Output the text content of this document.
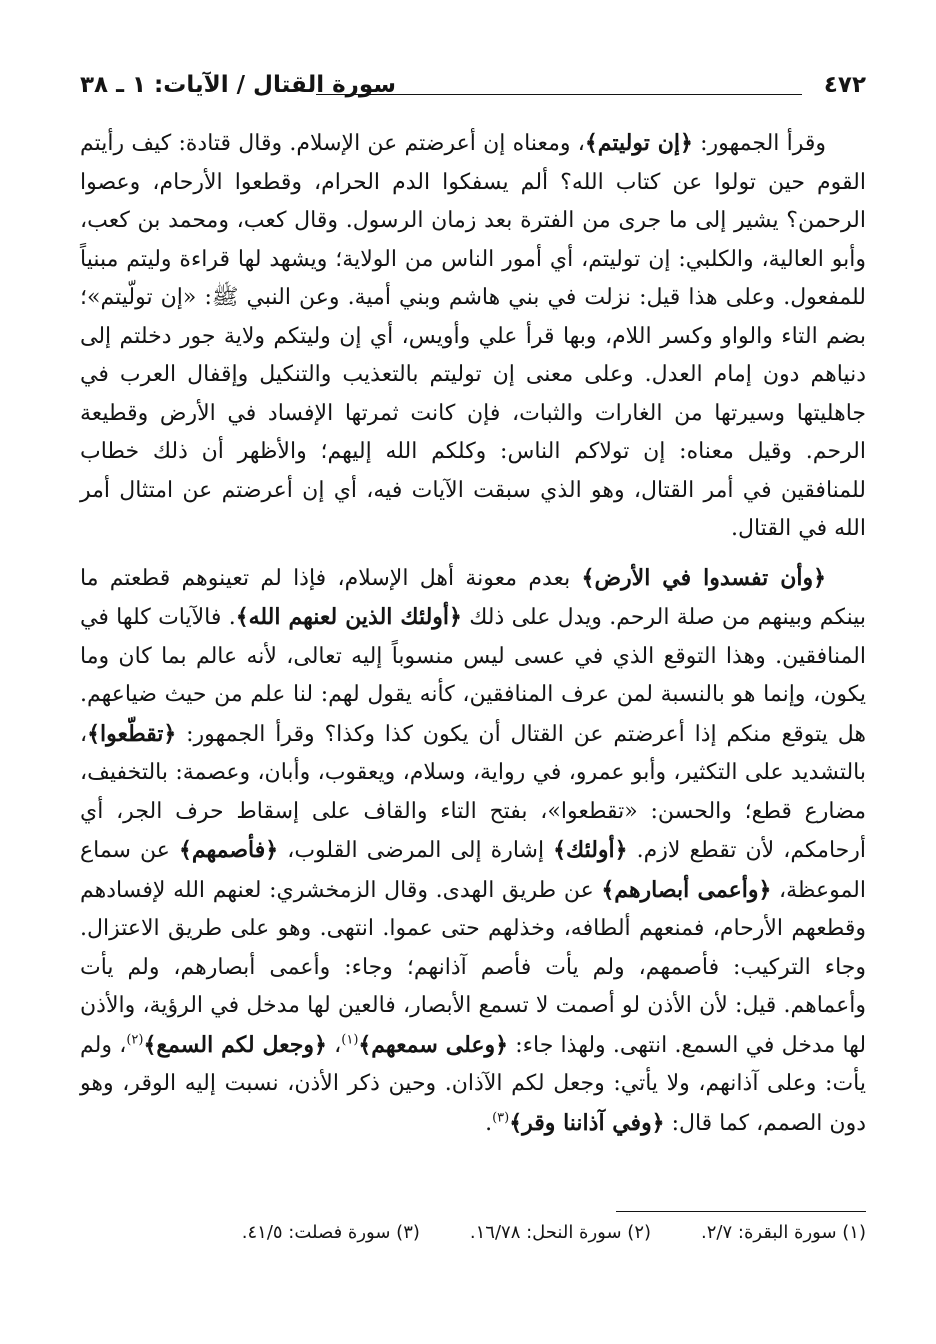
٤٧٢
سورة القتال / الآيات: ١ ـ ٣٨

وقرأ الجمهور: ﴿إن توليتم﴾، ومعناه إن أعرضتم عن الإسلام. وقال قتادة: كيف رأيتم القوم حين تولوا عن كتاب الله؟ ألم يسفكوا الدم الحرام، وقطعوا الأرحام، وعصوا الرحمن؟ يشير إلى ما جرى من الفترة بعد زمان الرسول. وقال كعب، ومحمد بن كعب، وأبو العالية، والكلبي: إن توليتم، أي أمور الناس من الولاية؛ ويشهد لها قراءة وليتم مبنياً للمفعول. وعلى هذا قيل: نزلت في بني هاشم وبني أمية. وعن النبي ﷺ: «إن تولّيتم»؛ بضم التاء والواو وكسر اللام، وبها قرأ علي وأويس، أي إن وليتكم ولاية جور دخلتم إلى دنياهم دون إمام العدل. وعلى معنى إن توليتم بالتعذيب والتنكيل وإقفال العرب في جاهليتها وسيرتها من الغارات والثبات، فإن كانت ثمرتها الإفساد في الأرض وقطيعة الرحم. وقيل معناه: إن تولاكم الناس: وكلكم الله إليهم؛ والأظهر أن ذلك خطاب للمنافقين في أمر القتال، وهو الذي سبقت الآيات فيه، أي إن أعرضتم عن امتثال أمر الله في القتال.

﴿وأن تفسدوا في الأرض﴾ بعدم معونة أهل الإسلام، فإذا لم تعينوهم قطعتم ما بينكم وبينهم من صلة الرحم. ويدل على ذلك ﴿أولئك الذين لعنهم الله﴾. فالآيات كلها في المنافقين. وهذا التوقع الذي في عسى ليس منسوباً إليه تعالى، لأنه عالم بما كان وما يكون، وإنما هو بالنسبة لمن عرف المنافقين، كأنه يقول لهم: لنا علم من حيث ضياعهم. هل يتوقع منكم إذا أعرضتم عن القتال أن يكون كذا وكذا؟ وقرأ الجمهور: ﴿تقطّعوا﴾، بالتشديد على التكثير، وأبو عمرو، في رواية، وسلام، ويعقوب، وأبان، وعصمة: بالتخفيف، مضارع قطع؛ والحسن: «تقطعوا»، بفتح التاء والقاف على إسقاط حرف الجر، أي أرحامكم، لأن تقطع لازم. ﴿أولئك﴾ إشارة إلى المرضى القلوب، ﴿فأصمهم﴾ عن سماع الموعظة، ﴿وأعمى أبصارهم﴾ عن طريق الهدى. وقال الزمخشري: لعنهم الله لإفسادهم وقطعهم الأرحام، فمنعهم ألطافه، وخذلهم حتى عموا. انتهى. وهو على طريق الاعتزال. وجاء التركيب: فأصمهم، ولم يأت فأصم آذانهم؛ وجاء: وأعمى أبصارهم، ولم يأت وأعماهم. قيل: لأن الأذن لو أصمت لا تسمع الأبصار، فالعين لها مدخل في الرؤية، والأذن لها مدخل في السمع. انتهى. ولهذا جاء: ﴿وعلى سمعهم﴾$^{(١)}$، ﴿وجعل لكم السمع﴾$^{(٢)}$، ولم يأت: وعلى آذانهم، ولا يأتي: وجعل لكم الآذان. وحين ذكر الأذن، نسبت إليه الوقر، وهو دون الصمم، كما قال: ﴿وفي آذاننا وقر﴾$^{(٣)}$.

(١) سورة البقرة: ٢/٧.
(٢) سورة النحل: ١٦/٧٨.
(٣) سورة فصلت: ٤١/٥.
